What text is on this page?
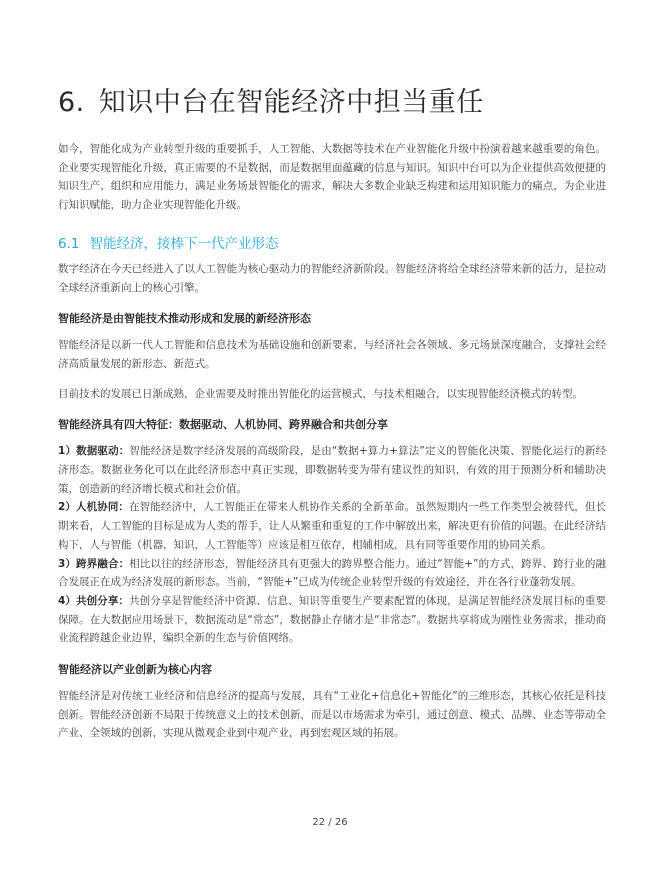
6. 知识中台在智能经济中担当重任

如今，智能化成为产业转型升级的重要抓手，人工智能、大数据等技术在产业智能化升级中扮演着越来越重要的角色。企业要实现智能化升级，真正需要的不是数据，而是数据里面蕴藏的信息与知识。知识中台可以为企业提供高效便捷的知识生产、组织和应用能力，满足业务场景智能化的需求，解决大多数企业缺乏构建和运用知识能力的痛点，为企业进行知识赋能，助力企业实现智能化升级。

6.1 智能经济，接棒下一代产业形态

数字经济在今天已经进入了以人工智能为核心驱动力的智能经济新阶段。智能经济将给全球经济带来新的活力，是拉动全球经济重新向上的核心引擎。

智能经济是由智能技术推动形成和发展的新经济形态

智能经济是以新一代人工智能和信息技术为基础设施和创新要素，与经济社会各领域、多元场景深度融合，支撑社会经济高质量发展的新形态、新范式。

目前技术的发展已日渐成熟，企业需要及时推出智能化的运营模式，与技术相融合，以实现智能经济模式的转型。

智能经济具有四大特征：数据驱动、人机协同、跨界融合和共创分享

1）数据驱动：智能经济是数字经济发展的高级阶段，是由“数据+算力+算法”定义的智能化决策、智能化运行的新经济形态。数据业务化可以在此经济形态中真正实现，即数据转变为带有建议性的知识，有效的用于预测分析和辅助决策，创造新的经济增长模式和社会价值。

2）人机协同：在智能经济中，人工智能正在带来人机协作关系的全新革命。虽然短期内一些工作类型会被替代，但长期来看，人工智能的目标是成为人类的帮手，让人从繁重和重复的工作中解放出来，解决更有价值的问题。在此经济结构下，人与智能（机器，知识，人工智能等）应该是相互依存，相辅相成，具有同等重要作用的协同关系。

3）跨界融合：相比以往的经济形态，智能经济具有更强大的跨界整合能力。通过“智能+”的方式，跨界、跨行业的融合发展正在成为经济发展的新形态。当前，“智能+”已成为传统企业转型升级的有效途径，并在各行业蓬勃发展。

4）共创分享：共创分享是智能经济中资源、信息、知识等重要生产要素配置的体现，是满足智能经济发展目标的重要保障。在大数据应用场景下，数据流动是“常态”，数据静止存储才是“非常态”。数据共享将成为刚性业务需求，推动商业流程跨越企业边界，编织全新的生态与价值网络。

智能经济以产业创新为核心内容

智能经济是对传统工业经济和信息经济的提高与发展，具有“工业化+信息化+智能化”的三维形态，其核心依托是科技创新。智能经济创新不局限于传统意义上的技术创新，而是以市场需求为牵引，通过创意、模式、品牌、业态等带动全产业、全领域的创新，实现从微观企业到中观产业，再到宏观区域的拓展。

22 / 26
